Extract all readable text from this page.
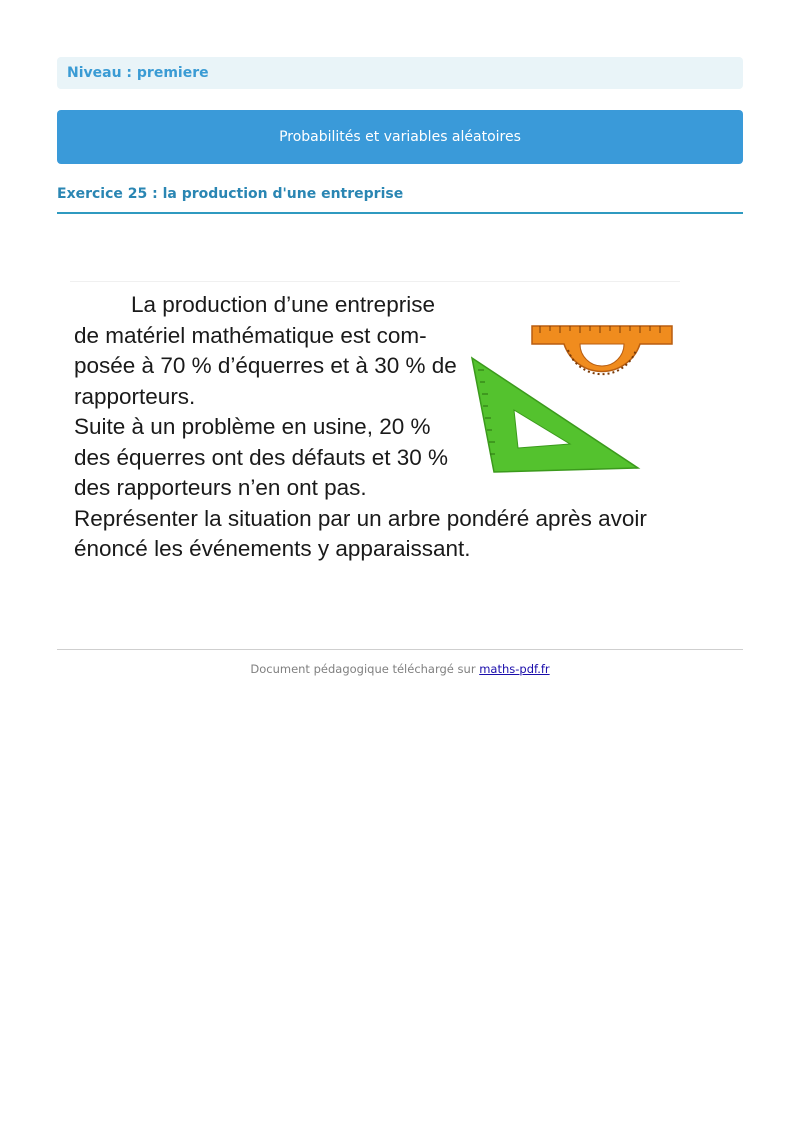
Niveau : premiere
Probabilités et variables aléatoires
Exercice 25 : la production d'une entreprise
La production d’une entreprise
de matériel mathématique est com-
posée à 70 % d’équerres et à 30 % de
rapporteurs.
Suite à un problème en usine, 20 %
des équerres ont des défauts et 30 %
des rapporteurs n’en ont pas.
Représenter la situation par un arbre pondéré après avoir
énoncé les événements y apparaissant.
Document pédagogique téléchargé sur maths-pdf.fr
